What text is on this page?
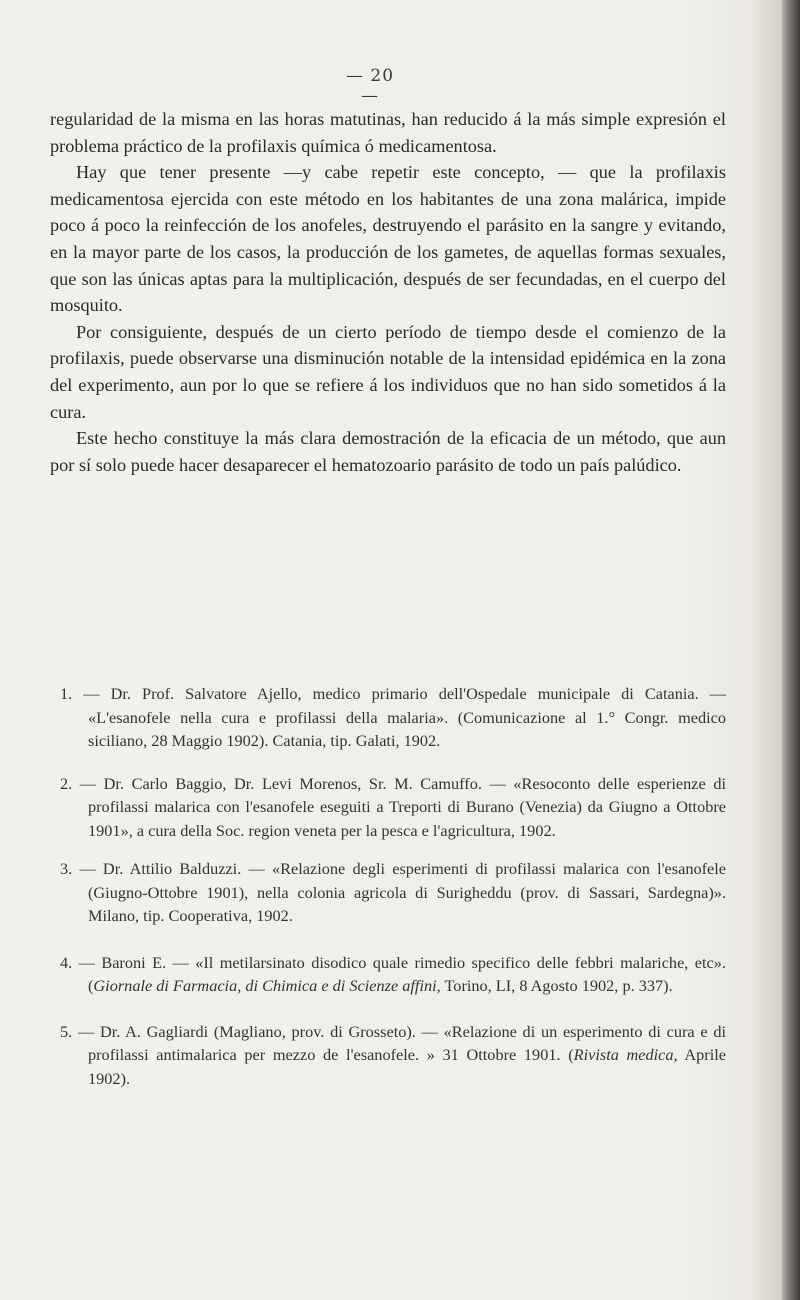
— 20 —

regularidad de la misma en las horas matutinas, han reducido á la más simple expresión el problema práctico de la profilaxis química ó medicamentosa.

Hay que tener presente —y cabe repetir este concepto, — que la profilaxis medicamentosa ejercida con este método en los habitantes de una zona malárica, impide poco á poco la reinfección de los anofeles, destruyendo el parásito en la sangre y evitando, en la mayor parte de los casos, la producción de los gametes, de aquellas formas sexuales, que son las únicas aptas para la multiplicación, después de ser fecundadas, en el cuerpo del mosquito.

Por consiguiente, después de un cierto período de tiempo desde el comienzo de la profilaxis, puede observarse una disminución notable de la intensidad epidémica en la zona del experimento, aun por lo que se refiere á los individuos que no han sido sometidos á la cura.

Este hecho constituye la más clara demostración de la eficacia de un método, que aun por sí solo puede hacer desaparecer el hematozoario parásito de todo un país palúdico.

1. — Dr. Prof. Salvatore Ajello, medico primario dell'Ospedale municipale di Catania. — «L'esanofele nella cura e profilassi della malaria». (Comunicazione al 1.° Congr. medico siciliano, 28 Maggio 1902). Catania, tip. Galati, 1902.
2. — Dr. Carlo Baggio, Dr. Levi Morenos, Sr. M. Camuffo. — «Resoconto delle esperienze di profilassi malarica con l'esanofele eseguiti a Treporti di Burano (Venezia) da Giugno a Ottobre 1901», a cura della Soc. region veneta per la pesca e l'agricultura, 1902.
3. — Dr. Attilio Balduzzi. — «Relazione degli esperimenti di profilassi malarica con l'esanofele (Giugno-Ottobre 1901), nella colonia agricola di Surigheddu (prov. di Sassari, Sardegna)». Milano, tip. Cooperativa, 1902.
4. — Baroni E. — «Il metilarsinato disodico quale rimedio specifico delle febbri malariche, etc». (Giornale di Farmacia, di Chimica e di Scienze affini, Torino, LI, 8 Agosto 1902, p. 337).
5. — Dr. A. Gagliardi (Magliano, prov. di Grosseto). — «Relazione di un esperimento di cura e di profilassi antimalarica per mezzo de l'esanofele. » 31 Ottobre 1901. (Rivista medica, Aprile 1902).
